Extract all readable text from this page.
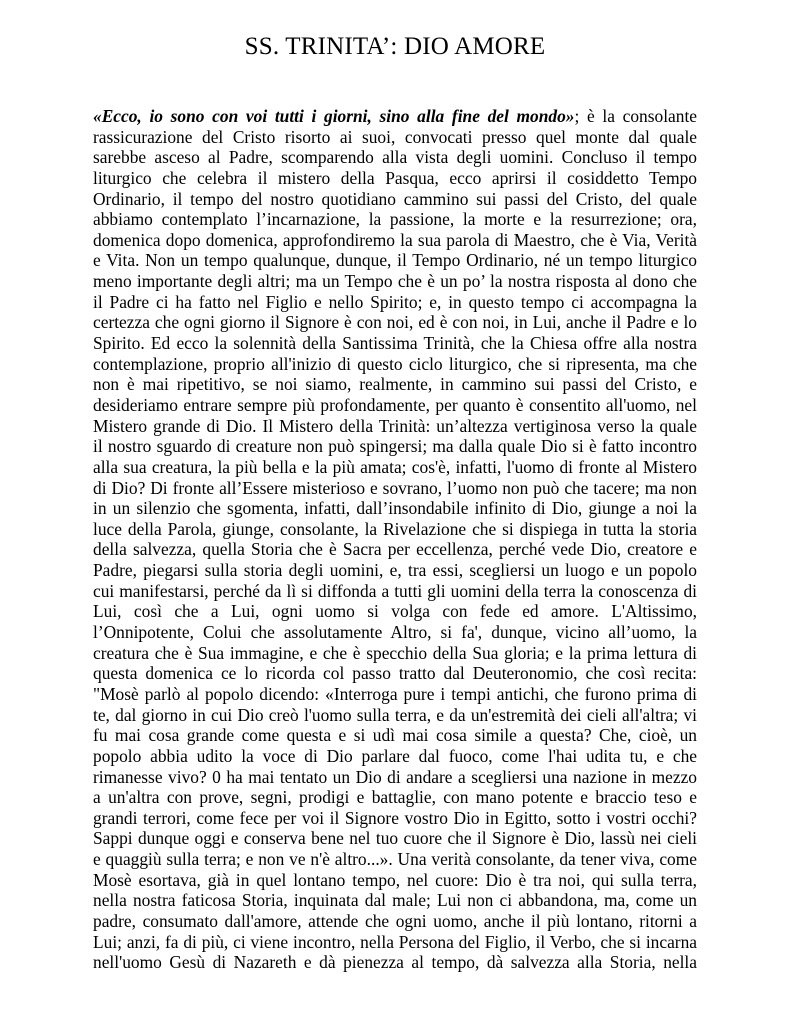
SS. TRINITA’: DIO AMORE
«Ecco, io sono con voi tutti i giorni, sino alla fine del mondo»; è la consolante
rassicurazione del Cristo risorto ai suoi, convocati presso quel monte dal quale
sarebbe asceso al Padre, scomparendo alla vista degli uomini. Concluso il tempo
liturgico che celebra il mistero della Pasqua, ecco aprirsi il cosiddetto Tempo
Ordinario, il tempo del nostro quotidiano cammino sui passi del Cristo, del quale
abbiamo contemplato l’incarnazione, la passione, la morte e la resurrezione; ora,
domenica dopo domenica, approfondiremo la sua parola di Maestro, che è Via, Verità
e Vita. Non un tempo qualunque, dunque, il Tempo Ordinario, né un tempo liturgico
meno importante degli altri; ma un Tempo che è un po’ la nostra risposta al dono che
il Padre ci ha fatto nel Figlio e nello Spirito; e, in questo tempo ci accompagna la
certezza che ogni giorno il Signore è con noi, ed è con noi, in Lui, anche il Padre e lo
Spirito. Ed ecco la solennità della Santissima Trinità, che la Chiesa offre alla nostra
contemplazione, proprio all'inizio di questo ciclo liturgico, che si ripresenta, ma che
non è mai ripetitivo, se noi siamo, realmente, in cammino sui passi del Cristo, e
desideriamo entrare sempre più profondamente, per quanto è consentito all'uomo, nel
Mistero grande di Dio. Il Mistero della Trinità: un’altezza vertiginosa verso la quale
il nostro sguardo di creature non può spingersi; ma dalla quale Dio si è fatto incontro
alla sua creatura, la più bella e la più amata; cos'è, infatti, l'uomo di fronte al Mistero
di Dio? Di fronte all’Essere misterioso e sovrano, l’uomo non può che tacere; ma non
in un silenzio che sgomenta, infatti, dall’insondabile infinito di Dio, giunge a noi la
luce della Parola, giunge, consolante, la Rivelazione che si dispiega in tutta la storia
della salvezza, quella Storia che è Sacra per eccellenza, perché vede Dio, creatore e
Padre, piegarsi sulla storia degli uomini, e, tra essi, scegliersi un luogo e un popolo
cui manifestarsi, perché da lì si diffonda a tutti gli uomini della terra la conoscenza di
Lui, così che a Lui, ogni uomo si volga con fede ed amore. L'Altissimo,
l’Onnipotente, Colui che assolutamente Altro, si fa', dunque, vicino all’uomo, la
creatura che è Sua immagine, e che è specchio della Sua gloria; e la prima lettura di
questa domenica ce lo ricorda col passo tratto dal Deuteronomio, che così recita:
"Mosè parlò al popolo dicendo: «Interroga pure i tempi antichi, che furono prima di
te, dal giorno in cui Dio creò l'uomo sulla terra, e da un'estremità dei cieli all'altra; vi
fu mai cosa grande come questa e si udì mai cosa simile a questa? Che, cioè, un
popolo abbia udito la voce di Dio parlare dal fuoco, come l'hai udita tu, e che
rimanesse vivo? 0 ha mai tentato un Dio di andare a scegliersi una nazione in mezzo
a un'altra con prove, segni, prodigi e battaglie, con mano potente e braccio teso e
grandi terrori, come fece per voi il Signore vostro Dio in Egitto, sotto i vostri occhi?
Sappi dunque oggi e conserva bene nel tuo cuore che il Signore è Dio, lassù nei cieli
e quaggiù sulla terra; e non ve n'è altro...». Una verità consolante, da tener viva, come
Mosè esortava, già in quel lontano tempo, nel cuore: Dio è tra noi, qui sulla terra,
nella nostra faticosa Storia, inquinata dal male; Lui non ci abbandona, ma, come un
padre, consumato dall'amore, attende che ogni uomo, anche il più lontano, ritorni a
Lui; anzi, fa di più, ci viene incontro, nella Persona del Figlio, il Verbo, che si incarna
nell'uomo Gesù di Nazareth e dà pienezza al tempo, dà salvezza alla Storia, nella
